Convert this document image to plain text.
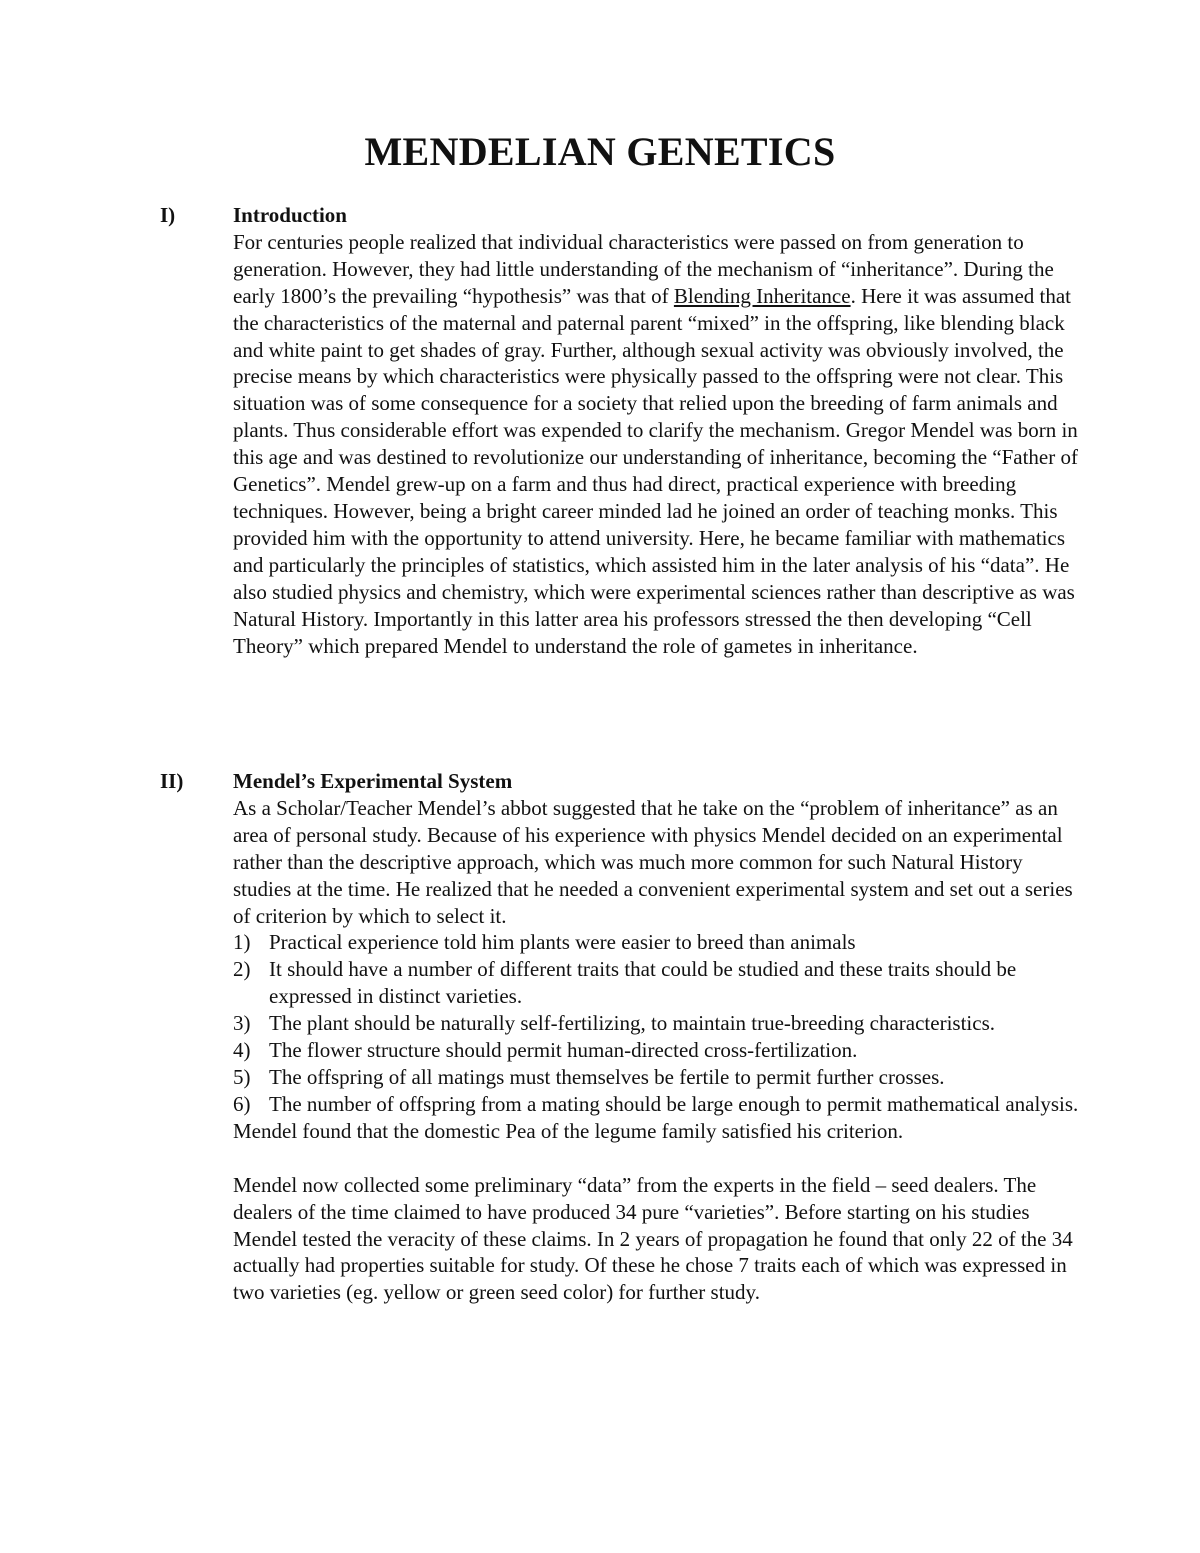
MENDELIAN GENETICS
I)	Introduction

For centuries people realized that individual characteristics were passed on from generation to generation. However, they had little understanding of the mechanism of “inheritance”. During the early 1800’s the prevailing “hypothesis” was that of Blending Inheritance. Here it was assumed that the characteristics of the maternal and paternal parent “mixed” in the offspring, like blending black and white paint to get shades of gray. Further, although sexual activity was obviously involved, the precise means by which characteristics were physically passed to the offspring were not clear. This situation was of some consequence for a society that relied upon the breeding of farm animals and plants. Thus considerable effort was expended to clarify the mechanism. Gregor Mendel was born in this age and was destined to revolutionize our understanding of inheritance, becoming the “Father of Genetics”. Mendel grew-up on a farm and thus had direct, practical experience with breeding techniques. However, being a bright career minded lad he joined an order of teaching monks. This provided him with the opportunity to attend university. Here, he became familiar with mathematics and particularly the principles of statistics, which assisted him in the later analysis of his “data”. He also studied physics and chemistry, which were experimental sciences rather than descriptive as was Natural History. Importantly in this latter area his professors stressed the then developing “Cell Theory” which prepared Mendel to understand the role of gametes in inheritance.

II) Mendel’s Experimental System

As a Scholar/Teacher Mendel’s abbot suggested that he take on the “problem of inheritance” as an area of personal study. Because of his experience with physics Mendel decided on an experimental rather than the descriptive approach, which was much more common for such Natural History studies at the time. He realized that he needed a convenient experimental system and set out a series of criterion by which to select it.

1) Practical experience told him plants were easier to breed than animals
2) It should have a number of different traits that could be studied and these traits should be expressed in distinct varieties.
3) The plant should be naturally self-fertilizing, to maintain true-breeding characteristics.
4) The flower structure should permit human-directed cross-fertilization.
5) The offspring of all matings must themselves be fertile to permit further crosses.
6) The number of offspring from a mating should be large enough to permit mathematical analysis.

Mendel found that the domestic Pea of the legume family satisfied his criterion.

Mendel now collected some preliminary “data” from the experts in the field – seed dealers. The dealers of the time claimed to have produced 34 pure “varieties”. Before starting on his studies Mendel tested the veracity of these claims. In 2 years of propagation he found that only 22 of the 34 actually had properties suitable for study. Of these he chose 7 traits each of which was expressed in two varieties (eg. yellow or green seed color) for further study.
